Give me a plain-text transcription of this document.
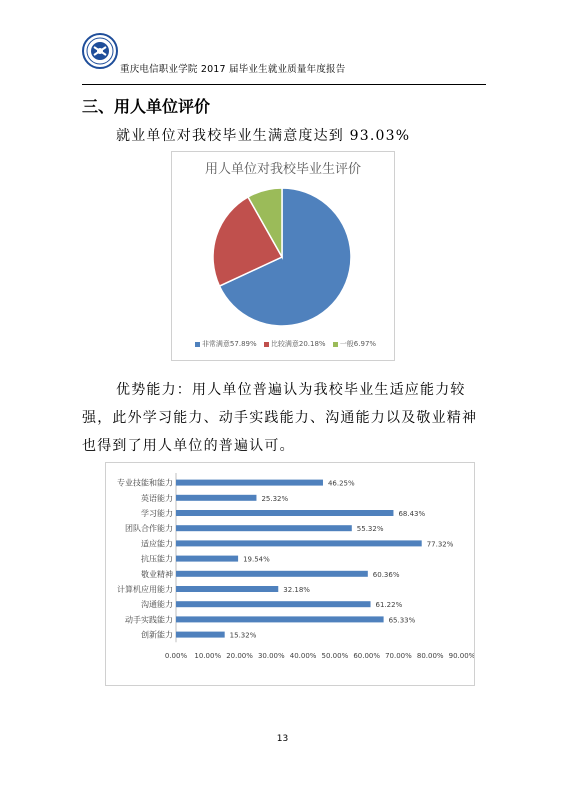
重庆电信职业学院 2017 届毕业生就业质量年度报告
三、用人单位评价
就业单位对我校毕业生满意度达到 93.03%
用人单位对我校毕业生评价
非常满意57.89% 比较满意20.18% 一般6.97%
优势能力：用人单位普遍认为我校毕业生适应能力较
强，此外学习能力、动手实践能力、沟通能力以及敬业精神
也得到了用人单位的普遍认可。
专业技能和能力	46.25%
英语能力	25.32%
学习能力	68.43%
团队合作能力	55.32%
适应能力	77.32%
抗压能力	19.54%
敬业精神	60.36%
计算机应用能力	32.18%
沟通能力	61.22%
动手实践能力	65.33%
创新能力	15.32%
0.00% 10.00% 20.00% 30.00% 40.00% 50.00% 60.00% 70.00% 80.00% 90.00%
13
